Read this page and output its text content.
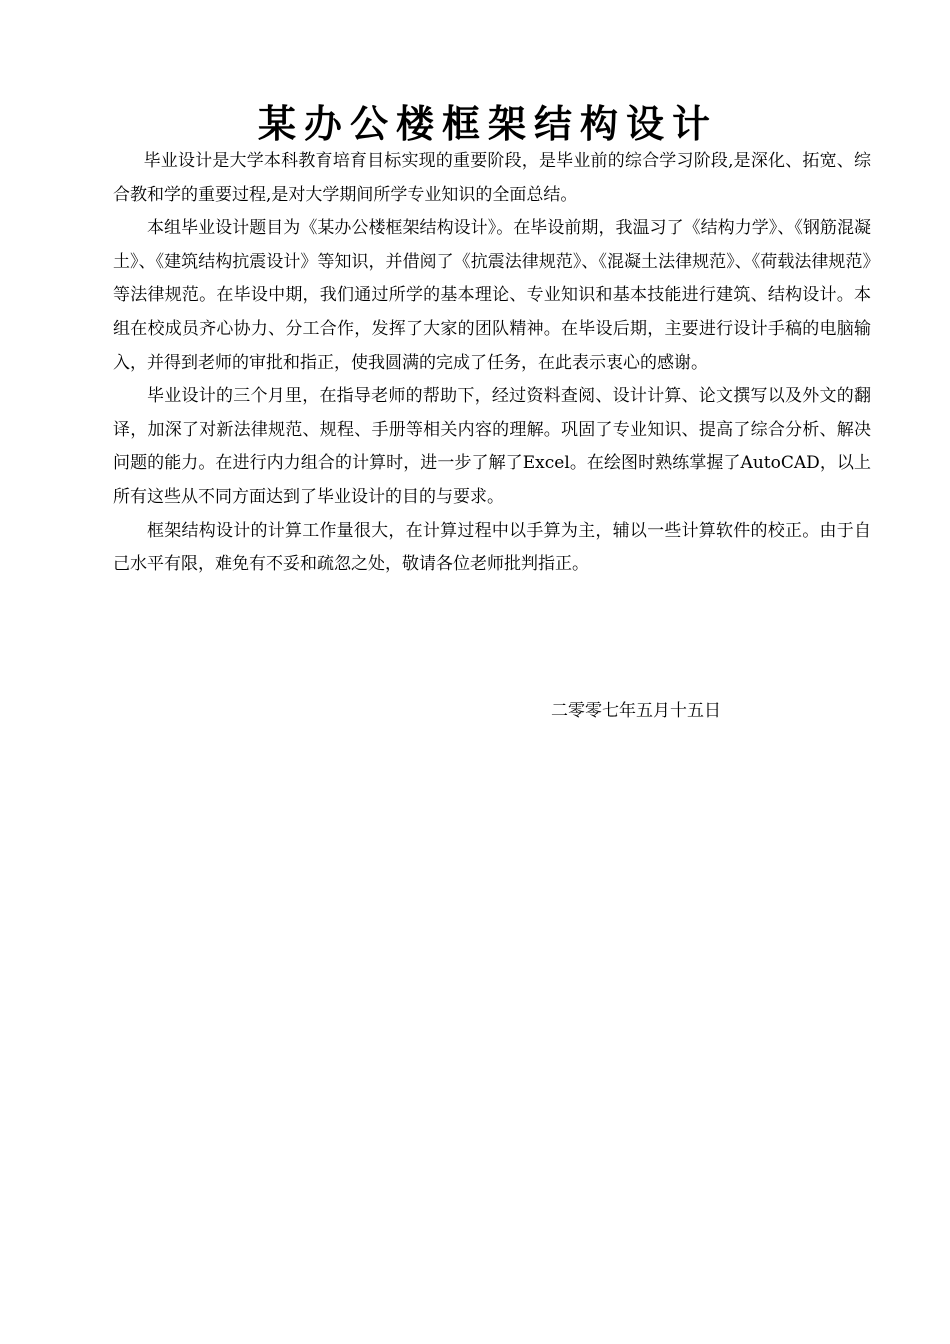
某办公楼框架结构设计

毕业设计是大学本科教育培育目标实现的重要阶段，是毕业前的综合学习阶段,是深化、拓宽、综合教和学的重要过程,是对大学期间所学专业知识的全面总结。

本组毕业设计题目为《某办公楼框架结构设计》。在毕设前期，我温习了《结构力学》、《钢筋混凝土》、《建筑结构抗震设计》等知识，并借阅了《抗震法律规范》、《混凝土法律规范》、《荷载法律规范》等法律规范。在毕设中期，我们通过所学的基本理论、专业知识和基本技能进行建筑、结构设计。本组在校成员齐心协力、分工合作，发挥了大家的团队精神。在毕设后期，主要进行设计手稿的电脑输入，并得到老师的审批和指正，使我圆满的完成了任务，在此表示衷心的感谢。

毕业设计的三个月里，在指导老师的帮助下，经过资料查阅、设计计算、论文撰写以及外文的翻译，加深了对新法律规范、规程、手册等相关内容的理解。巩固了专业知识、提高了综合分析、解决问题的能力。在进行内力组合的计算时，进一步了解了Excel。在绘图时熟练掌握了AutoCAD，以上所有这些从不同方面达到了毕业设计的目的与要求。

框架结构设计的计算工作量很大，在计算过程中以手算为主，辅以一些计算软件的校正。由于自己水平有限，难免有不妥和疏忽之处，敬请各位老师批判指正。

二零零七年五月十五日
